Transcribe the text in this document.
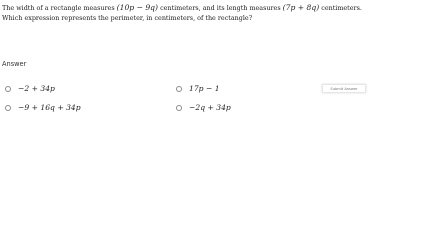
The width of a rectangle measures (10p − 9q) centimeters, and its length measures (7p + 8q) centimeters.
Which expression represents the perimeter, in centimeters, of the rectangle?
Answer
−2 + 34p
−9 + 16q + 34p
17p − 1
−2q + 34p
Submit Answer
